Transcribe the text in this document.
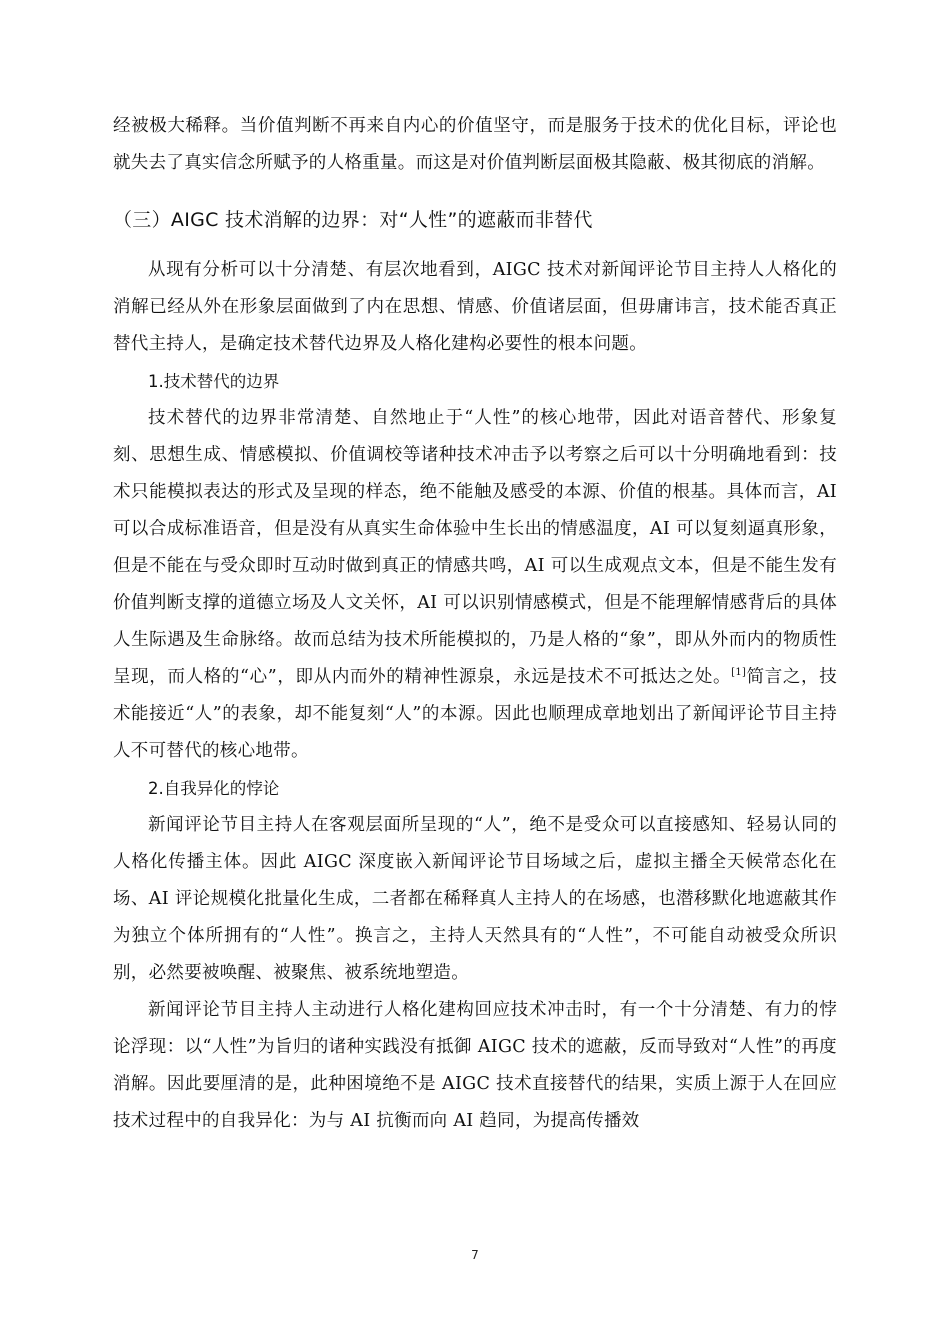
经被极大稀释。当价值判断不再来自内心的价值坚守，而是服务于技术的优化目标，评论也就失去了真实信念所赋予的人格重量。而这是对价值判断层面极其隐蔽、极其彻底的消解。

（三）AIGC 技术消解的边界：对“人性”的遮蔽而非替代

从现有分析可以十分清楚、有层次地看到，AIGC 技术对新闻评论节目主持人人格化的消解已经从外在形象层面做到了内在思想、情感、价值诸层面，但毋庸讳言，技术能否真正替代主持人，是确定技术替代边界及人格化建构必要性的根本问题。

1.技术替代的边界

技术替代的边界非常清楚、自然地止于“人性”的核心地带，因此对语音替代、形象复刻、思想生成、情感模拟、价值调校等诸种技术冲击予以考察之后可以十分明确地看到：技术只能模拟表达的形式及呈现的样态，绝不能触及感受的本源、价值的根基。具体而言，AI 可以合成标准语音，但是没有从真实生命体验中生长出的情感温度，AI 可以复刻逼真形象，但是不能在与受众即时互动时做到真正的情感共鸣，AI 可以生成观点文本，但是不能生发有价值判断支撑的道德立场及人文关怀，AI 可以识别情感模式，但是不能理解情感背后的具体人生际遇及生命脉络。故而总结为技术所能模拟的，乃是人格的“象”，即从外而内的物质性呈现，而人格的“心”，即从内而外的精神性源泉，永远是技术不可抵达之处。[1]简言之，技术能接近“人”的表象，却不能复刻“人”的本源。因此也顺理成章地划出了新闻评论节目主持人不可替代的核心地带。

2.自我异化的悖论

新闻评论节目主持人在客观层面所呈现的“人”，绝不是受众可以直接感知、轻易认同的人格化传播主体。因此 AIGC 深度嵌入新闻评论节目场域之后，虚拟主播全天候常态化在场、AI 评论规模化批量化生成，二者都在稀释真人主持人的在场感，也潜移默化地遮蔽其作为独立个体所拥有的“人性”。换言之，主持人天然具有的“人性”，不可能自动被受众所识别，必然要被唤醒、被聚焦、被系统地塑造。

新闻评论节目主持人主动进行人格化建构回应技术冲击时，有一个十分清楚、有力的悖论浮现：以“人性”为旨归的诸种实践没有抵御 AIGC 技术的遮蔽，反而导致对“人性”的再度消解。因此要厘清的是，此种困境绝不是 AIGC 技术直接替代的结果，实质上源于人在回应技术过程中的自我异化：为与 AI 抗衡而向 AI 趋同，为提高传播效

7
